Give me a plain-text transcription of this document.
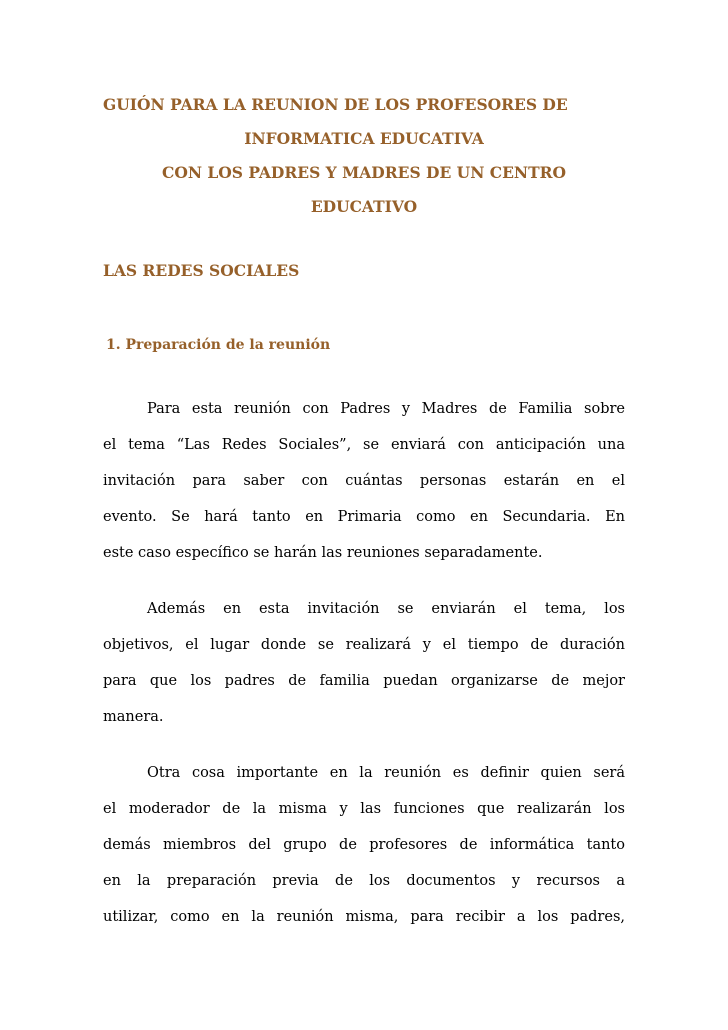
GUIÓN PARA LA REUNION DE LOS PROFESORES DE
INFORMATICA EDUCATIVA
CON LOS PADRES Y MADRES DE UN CENTRO
EDUCATIVO
LAS REDES SOCIALES
1. Preparación de la reunión
Para esta reunión con Padres y Madres de Familia sobre
el tema “Las Redes Sociales”, se enviará con anticipación una
invitación para saber con cuántas personas estarán en el
evento. Se hará tanto en Primaria como en Secundaria. En
este caso específico se harán las reuniones separadamente.
Además en esta invitación se enviarán el tema, los
objetivos, el lugar donde se realizará y el tiempo de duración
para que los padres de familia puedan organizarse de mejor
manera.
Otra cosa importante en la reunión es definir quien será
el moderador de la misma y las funciones que realizarán los
demás miembros del grupo de profesores de informática tanto
en la preparación previa de los documentos y recursos a
utilizar, como en la reunión misma, para recibir a los padres,
